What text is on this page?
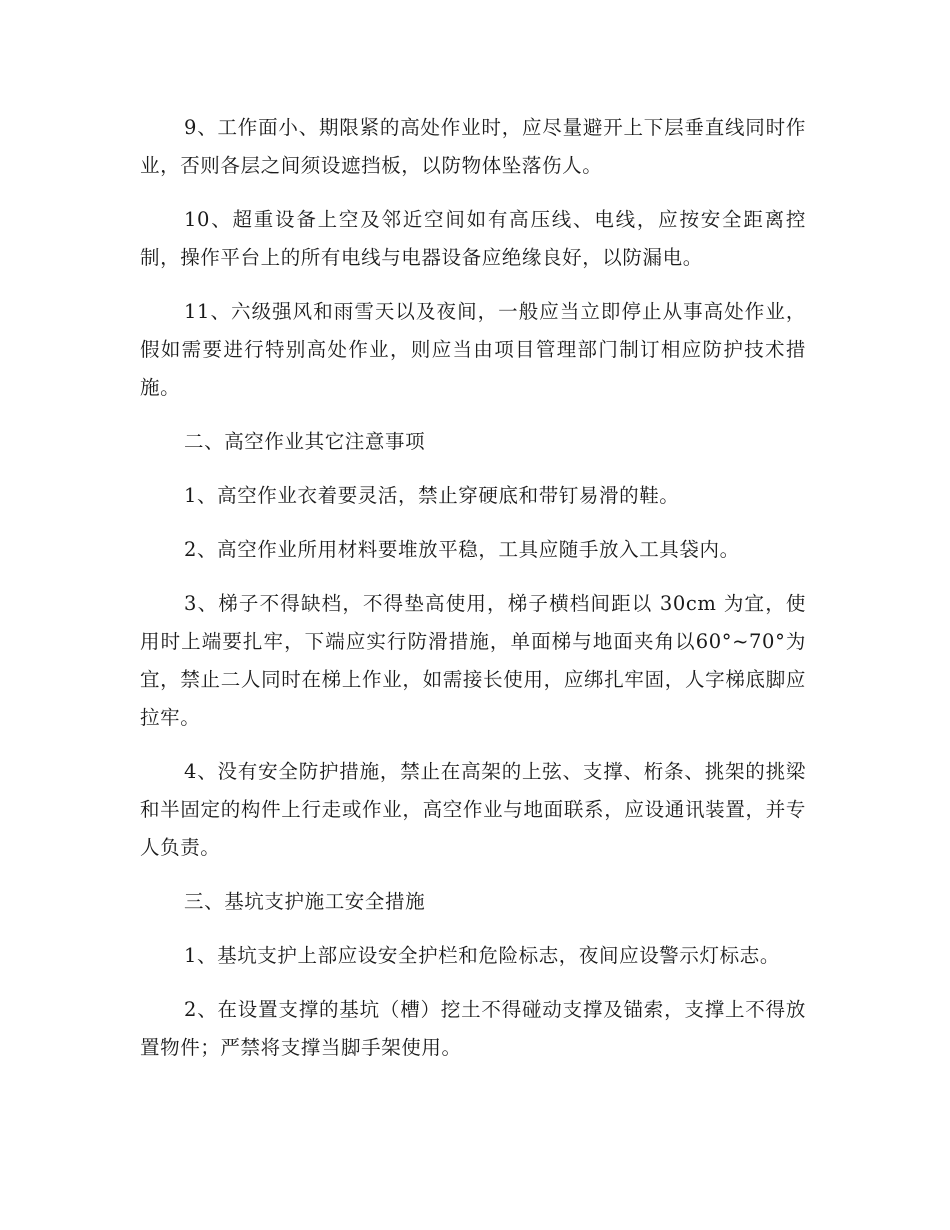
9、工作面小、期限紧的高处作业时，应尽量避开上下层垂直线同时作业，否则各层之间须设遮挡板，以防物体坠落伤人。

10、超重设备上空及邻近空间如有高压线、电线，应按安全距离控制，操作平台上的所有电线与电器设备应绝缘良好，以防漏电。

11、六级强风和雨雪天以及夜间，一般应当立即停止从事高处作业，假如需要进行特别高处作业，则应当由项目管理部门制订相应防护技术措施。

二、高空作业其它注意事项

1、高空作业衣着要灵活，禁止穿硬底和带钉易滑的鞋。

2、高空作业所用材料要堆放平稳，工具应随手放入工具袋内。

3、梯子不得缺档，不得垫高使用，梯子横档间距以 30cm 为宜，使用时上端要扎牢，下端应实行防滑措施，单面梯与地面夹角以60°~70°为宜，禁止二人同时在梯上作业，如需接长使用，应绑扎牢固，人字梯底脚应拉牢。

4、没有安全防护措施，禁止在高架的上弦、支撑、桁条、挑架的挑梁和半固定的构件上行走或作业，高空作业与地面联系，应设通讯装置，并专人负责。

三、基坑支护施工安全措施

1、基坑支护上部应设安全护栏和危险标志，夜间应设警示灯标志。

2、在设置支撑的基坑（槽）挖土不得碰动支撑及锚索，支撑上不得放置物件；严禁将支撑当脚手架使用。
